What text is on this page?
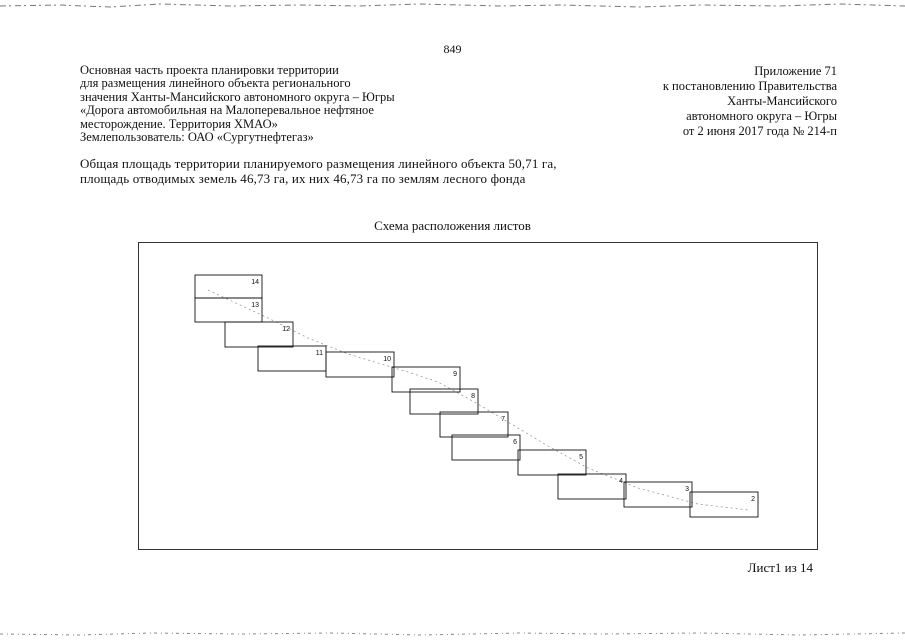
849
Основная часть проекта планировки территории
для размещения линейного объекта регионального
значения Ханты-Мансийского автономного округа – Югры
«Дорога автомобильная на Малоперевальное нефтяное
месторождение. Территория ХМАО»
Землепользователь: ОАО «Сургутнефтегаз»
Приложение 71
к постановлению Правительства
Ханты-Мансийского
автономного округа – Югры
от 2 июня 2017 года № 214-п
Общая площадь территории планируемого размещения линейного объекта 50,71 га,
площадь отводимых земель 46,73 га, их них 46,73 га по землям лесного фонда
Схема расположения листов
14
13
12
11
10
9
8
7
6
5
4
3
2
Лист1 из 14
